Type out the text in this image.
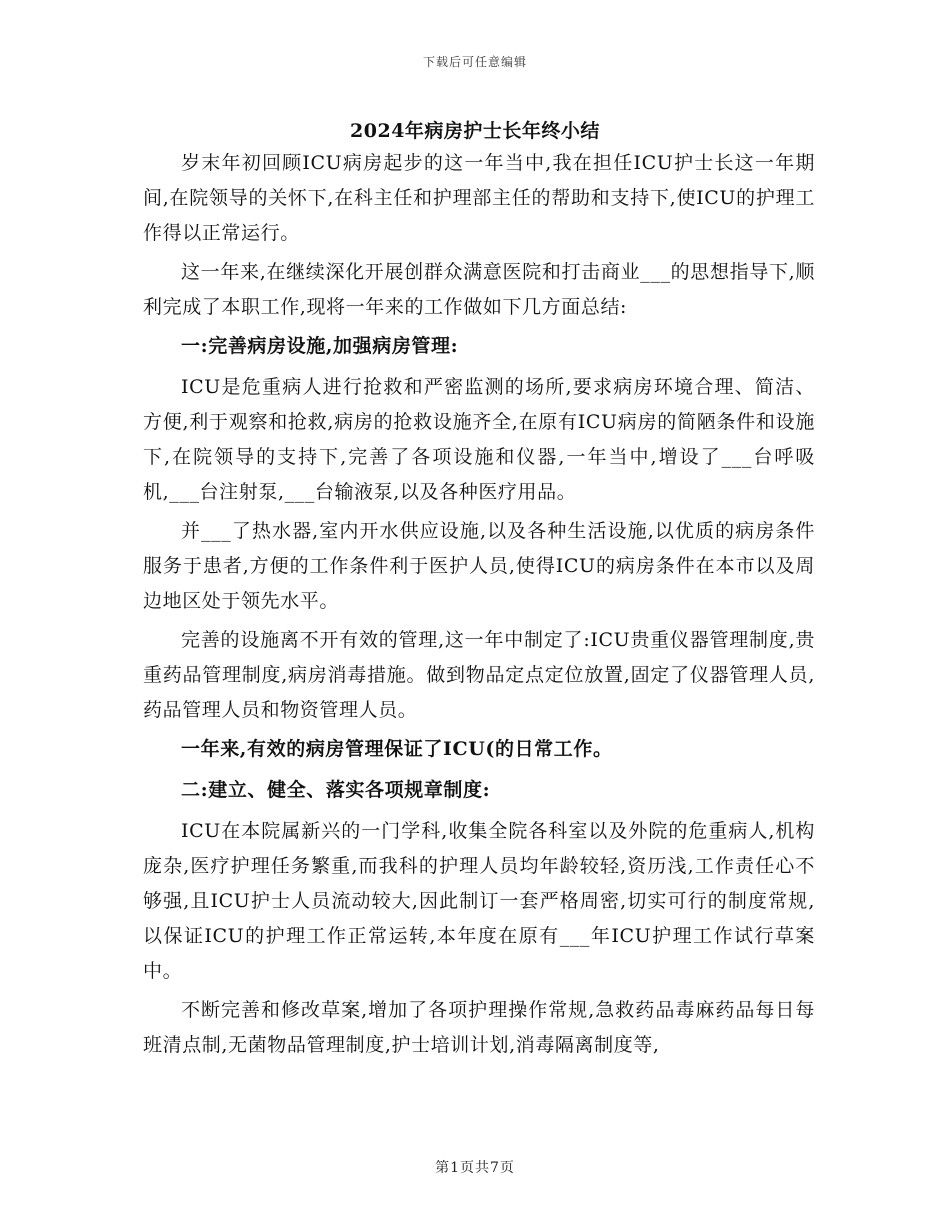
下载后可任意编辑
2024年病房护士长年终小结

岁末年初回顾ICU病房起步的这一年当中,我在担任ICU护士长这一年期间,在院领导的关怀下,在科主任和护理部主任的帮助和支持下,使ICU的护理工作得以正常运行。

这一年来,在继续深化开展创群众满意医院和打击商业___的思想指导下,顺利完成了本职工作,现将一年来的工作做如下几方面总结:

一:完善病房设施,加强病房管理:

ICU是危重病人进行抢救和严密监测的场所,要求病房环境合理、简洁、方便,利于观察和抢救,病房的抢救设施齐全,在原有ICU病房的简陋条件和设施下,在院领导的支持下,完善了各项设施和仪器,一年当中,增设了___台呼吸机,___台注射泵,___台输液泵,以及各种医疗用品。

并___了热水器,室内开水供应设施,以及各种生活设施,以优质的病房条件服务于患者,方便的工作条件利于医护人员,使得ICU的病房条件在本市以及周边地区处于领先水平。

完善的设施离不开有效的管理,这一年中制定了:ICU贵重仪器管理制度,贵重药品管理制度,病房消毒措施。做到物品定点定位放置,固定了仪器管理人员,药品管理人员和物资管理人员。

一年来,有效的病房管理保证了ICU(的日常工作。

二:建立、健全、落实各项规章制度:

ICU在本院属新兴的一门学科,收集全院各科室以及外院的危重病人,机构庞杂,医疗护理任务繁重,而我科的护理人员均年龄较轻,资历浅,工作责任心不够强,且ICU护士人员流动较大,因此制订一套严格周密,切实可行的制度常规,以保证ICU的护理工作正常运转,本年度在原有___年ICU护理工作试行草案中。

不断完善和修改草案,增加了各项护理操作常规,急救药品毒麻药品每日每班清点制,无菌物品管理制度,护士培训计划,消毒隔离制度等,

第1页共7页
